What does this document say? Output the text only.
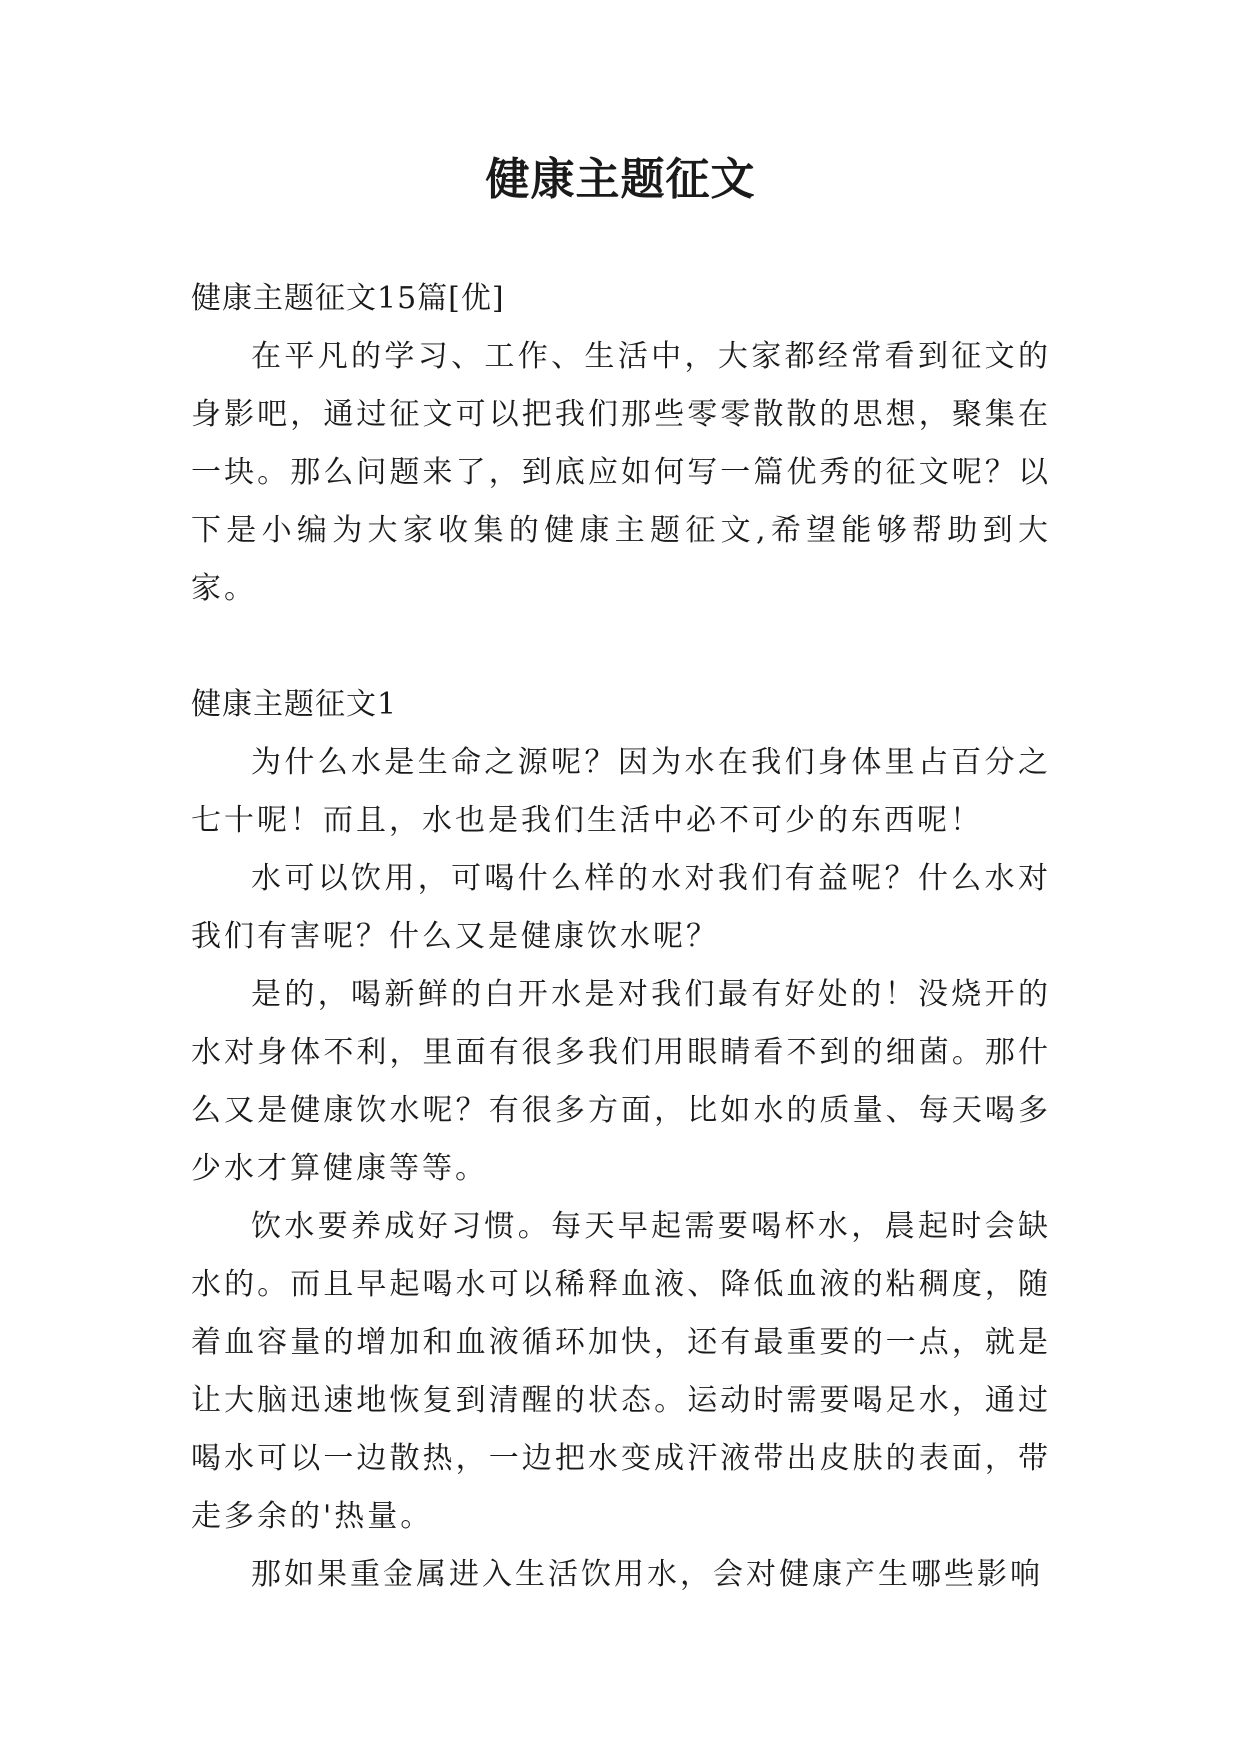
健康主题征文

健康主题征文15篇[优]

在平凡的学习、工作、生活中，大家都经常看到征文的身影吧，通过征文可以把我们那些零零散散的思想，聚集在一块。那么问题来了，到底应如何写一篇优秀的征文呢？以下是小编为大家收集的健康主题征文,希望能够帮助到大家。

健康主题征文1

为什么水是生命之源呢？因为水在我们身体里占百分之七十呢！而且，水也是我们生活中必不可少的东西呢！

水可以饮用，可喝什么样的水对我们有益呢？什么水对我们有害呢？什么又是健康饮水呢？

是的，喝新鲜的白开水是对我们最有好处的！没烧开的水对身体不利，里面有很多我们用眼睛看不到的细菌。那什么又是健康饮水呢？有很多方面，比如水的质量、每天喝多少水才算健康等等。

饮水要养成好习惯。每天早起需要喝杯水，晨起时会缺水的。而且早起喝水可以稀释血液、降低血液的粘稠度，随着血容量的增加和血液循环加快，还有最重要的一点，就是让大脑迅速地恢复到清醒的状态。运动时需要喝足水，通过喝水可以一边散热，一边把水变成汗液带出皮肤的表面，带走多余的'热量。

那如果重金属进入生活饮用水，会对健康产生哪些影响
